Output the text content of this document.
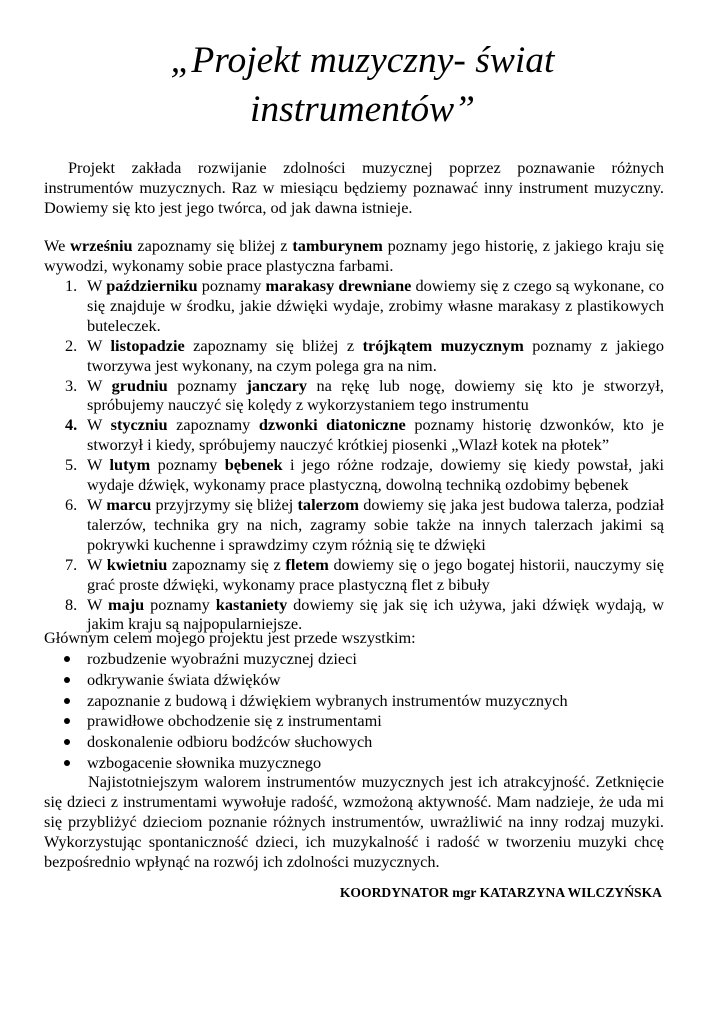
„Projekt muzyczny- świat
instrumentów”

Projekt zakłada rozwijanie zdolności muzycznej poprzez poznawanie różnych instrumentów muzycznych. Raz w miesiącu będziemy poznawać inny instrument muzyczny. Dowiemy się kto jest jego twórca, od jak dawna istnieje.

We wrześniu zapoznamy się bliżej z tamburynem poznamy jego historię, z jakiego kraju się wywodzi, wykonamy sobie prace plastyczna farbami.

1. W październiku poznamy marakasy drewniane dowiemy się z czego są wykonane, co się znajduje w środku, jakie dźwięki wydaje, zrobimy własne marakasy z plastikowych buteleczek.
2. W listopadzie zapoznamy się bliżej z trójkątem muzycznym poznamy z jakiego tworzywa jest wykonany, na czym polega gra na nim.
3. W grudniu poznamy janczary na rękę lub nogę, dowiemy się kto je stworzył, spróbujemy nauczyć się kolędy z wykorzystaniem tego instrumentu
4. W styczniu zapoznamy dzwonki diatoniczne poznamy historię dzwonków, kto je stworzył i kiedy, spróbujemy nauczyć krótkiej piosenki „Wlazł kotek na płotek”
5. W lutym poznamy bębenek i jego różne rodzaje, dowiemy się kiedy powstał, jaki wydaje dźwięk, wykonamy prace plastyczną, dowolną techniką ozdobimy bębenek
6. W marcu przyjrzymy się bliżej talerzom dowiemy się jaka jest budowa talerza, podział talerzów, technika gry na nich, zagramy sobie także na innych talerzach jakimi są pokrywki kuchenne i sprawdzimy czym różnią się te dźwięki
7. W kwietniu zapoznamy się z fletem dowiemy się o jego bogatej historii, nauczymy się grać proste dźwięki, wykonamy prace plastyczną flet z bibuły
8. W maju poznamy kastaniety dowiemy się jak się ich używa, jaki dźwięk wydają, w jakim kraju są najpopularniejsze.

Głównym celem mojego projektu jest przede wszystkim:

rozbudzenie wyobraźni muzycznej dzieci
odkrywanie świata dźwięków
zapoznanie z budową i dźwiękiem wybranych instrumentów muzycznych
prawidłowe obchodzenie się z instrumentami
doskonalenie odbioru bodźców słuchowych
wzbogacenie słownika muzycznego

Najistotniejszym walorem instrumentów muzycznych jest ich atrakcyjność. Zetknięcie się dzieci z instrumentami wywołuje radość, wzmożoną aktywność. Mam nadzieje, że uda mi się przybliżyć dzieciom poznanie różnych instrumentów, uwrażliwić na inny rodzaj muzyki. Wykorzystując spontaniczność dzieci, ich muzykalność i radość w tworzeniu muzyki chcę bezpośrednio wpłynąć na rozwój ich zdolności muzycznych.

KOORDYNATOR mgr KATARZYNA WILCZYŃSKA
